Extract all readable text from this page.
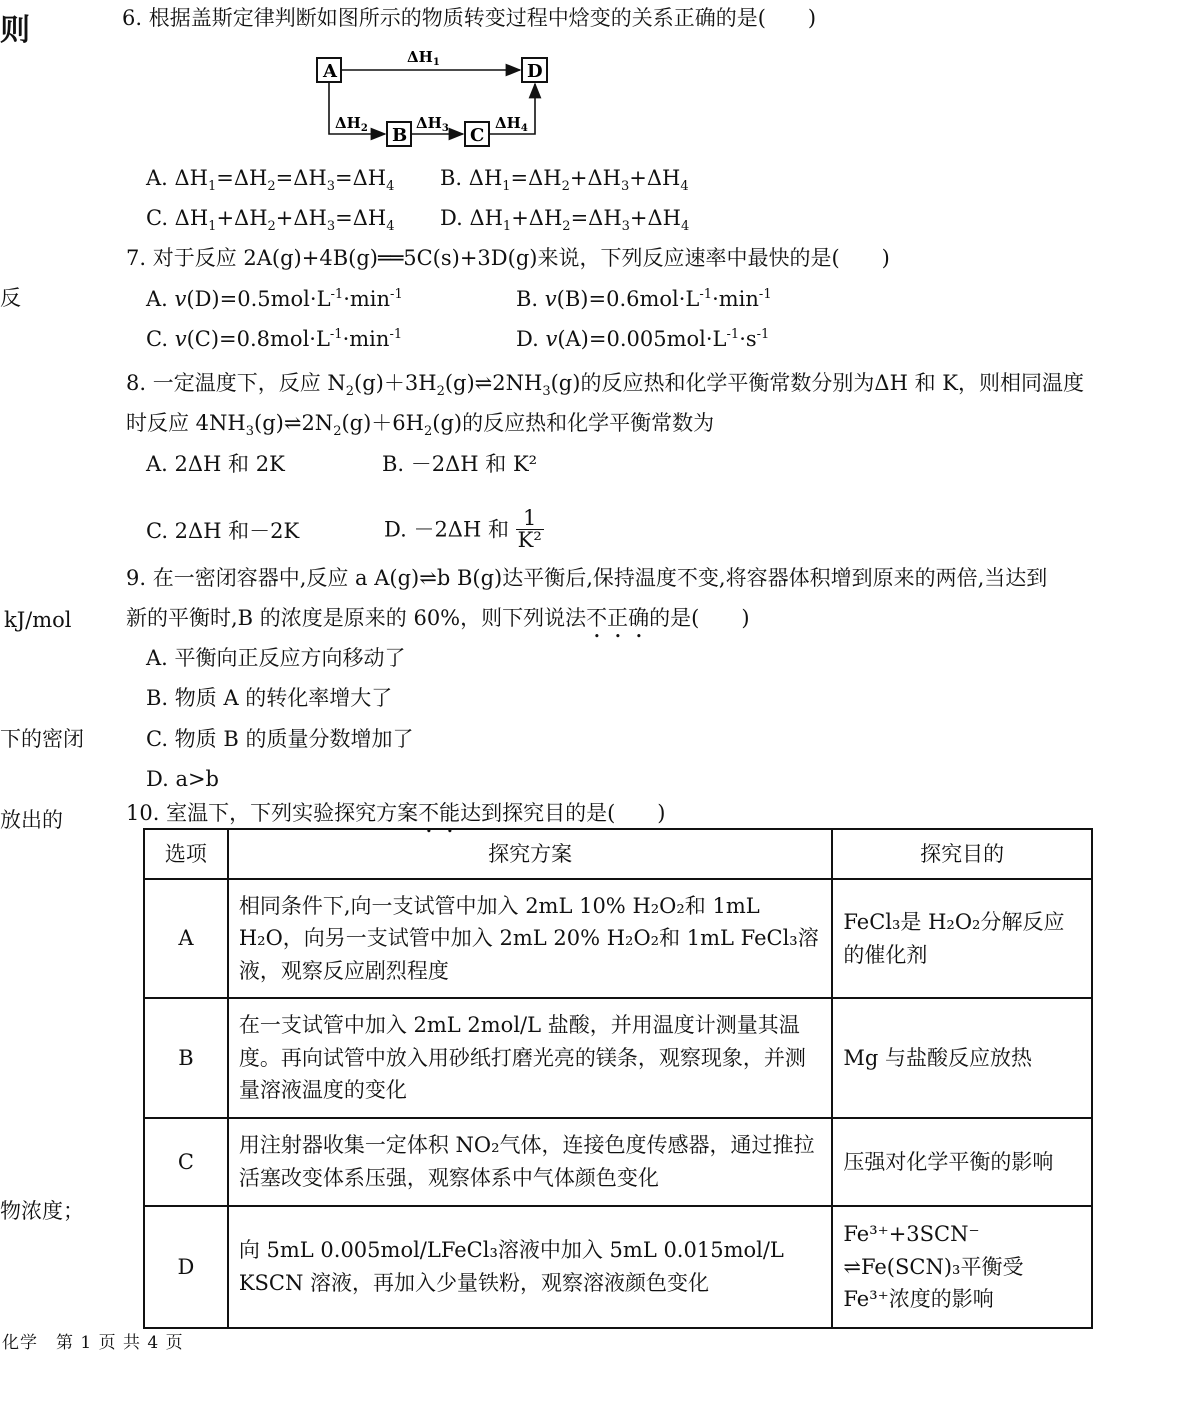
则
反
kJ/mol
下的密闭
放出的
物浓度；
6. 根据盖斯定律判断如图所示的物质转变过程中焓变的关系正确的是(　　)
A	D
B	C
$\Delta H_1$
$\Delta H_2$	$\Delta H_3$	$\Delta H_4$
A. $\Delta H_1=\Delta H_2=\Delta H_3=\Delta H_4$ B. $\Delta H_1=\Delta H_2+\Delta H_3+\Delta H_4$
C. $\Delta H_1+\Delta H_2+\Delta H_3=\Delta H_4$ D. $\Delta H_1+\Delta H_2=\Delta H_3+\Delta H_4$
7. 对于反应 2A(g)+4B(g)══5C(s)+3D(g)来说，下列反应速率中最快的是(　　)
A. $v(D)=0.5mol\cdot L^{-1}\cdot\min^{-1}$	B. $v(B)=0.6mol\cdot L^{-1}\cdot\min^{-1}$
C. $v(C)=0.8mol\cdot L^{-1}\cdot\min^{-1}$	D. $v(A)=0.005mol\cdot L^{-1}\cdot s^{-1}$
8. 一定温度下，反应 $N_2(g)+3H_2(g)\rightleftharpoons 2NH_3(g)$的反应热和化学平衡常数分别为ΔH 和 K，则相同温度
时反应 $4NH_3(g)\rightleftharpoons 2N_2(g)+6H_2(g)$的反应热和化学平衡常数为
A. 2ΔH 和 2K	B. －2ΔH 和 K²
C. 2ΔH 和－2K	D. －2ΔH 和 $\frac{1}{\text{K²}}$
9. 在一密闭容器中,反应 a A(g)⇌b B(g)达平衡后,保持温度不变,将容器体积增到原来的两倍,当达到
新的平衡时,B 的浓度是原来的 60%，则下列说法不正确的是(　　)
A. 平衡向正反应方向移动了
B. 物质 A 的转化率增大了
C. 物质 B 的质量分数增加了
D. a>b
10. 室温下，下列实验探究方案不能达到探究目的是(　　)
选项	探究方案	探究目的
A	相同条件下,向一支试管中加入 2mL 10% H₂O₂和 1mL H₂O，向另一支试管中加入 2mL 20% H₂O₂和 1mL FeCl₃溶液，观察反应剧烈程度	FeCl₃是 H₂O₂分解反应的催化剂
B	在一支试管中加入 2mL 2mol/L 盐酸，并用温度计测量其温度。再向试管中放入用砂纸打磨光亮的镁条，观察现象，并测量溶液温度的变化	Mg 与盐酸反应放热
C	用注射器收集一定体积 NO₂气体，连接色度传感器，通过推拉活塞改变体系压强，观察体系中气体颜色变化	压强对化学平衡的影响
D	向 5mL 0.005mol/LFeCl₃溶液中加入 5mL 0.015mol/L KSCN 溶液，再加入少量铁粉，观察溶液颜色变化	Fe³⁺+3SCN⁻
⇌Fe(SCN)₃平衡受
Fe³⁺浓度的影响
化学　第 1 页 共 4 页
